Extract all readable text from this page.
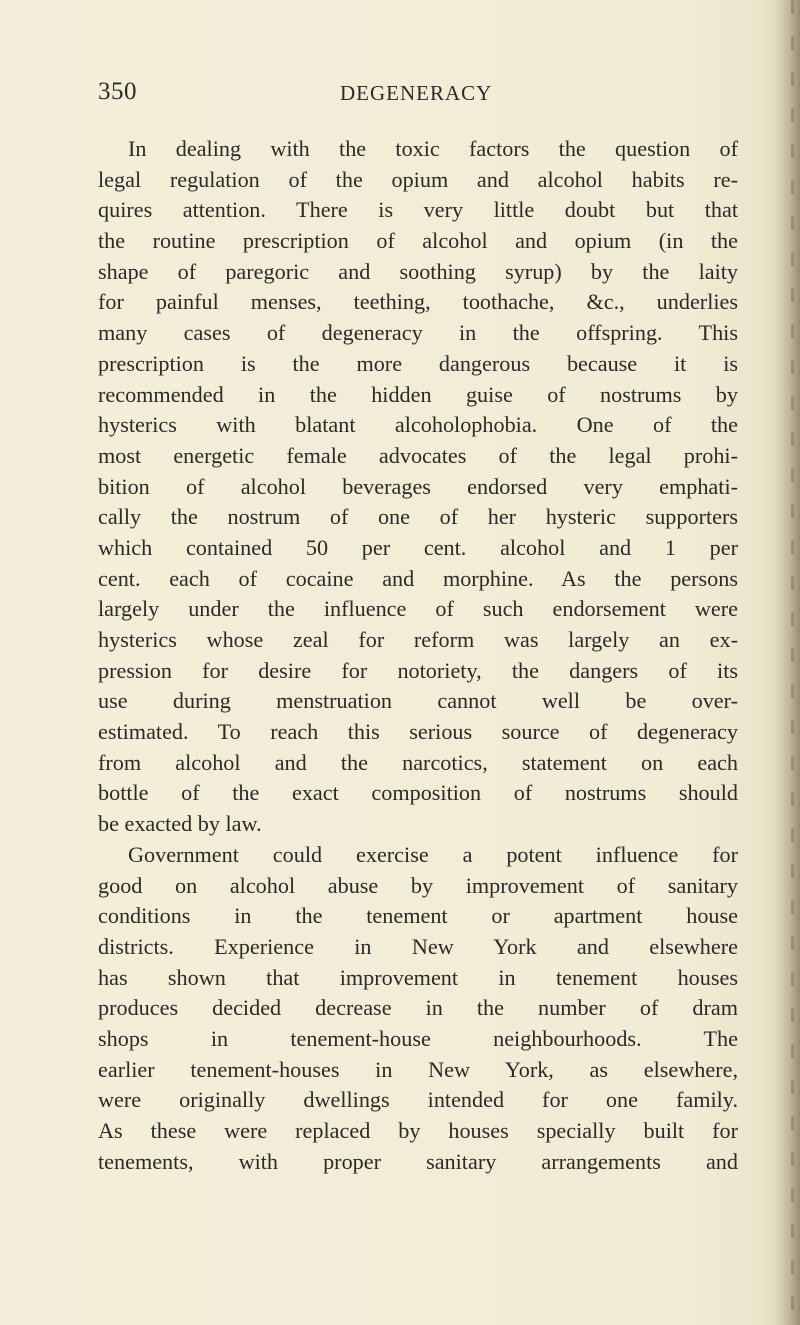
350	DEGENERACY
In dealing with the toxic factors the question of
legal regulation of the opium and alcohol habits re-
quires attention. There is very little doubt but that
the routine prescription of alcohol and opium (in the
shape of paregoric and soothing syrup) by the laity
for painful menses, teething, toothache, &c., underlies
many cases of degeneracy in the offspring. This
prescription is the more dangerous because it is
recommended in the hidden guise of nostrums by
hysterics with blatant alcoholophobia. One of the
most energetic female advocates of the legal prohi-
bition of alcohol beverages endorsed very emphati-
cally the nostrum of one of her hysteric supporters
which contained 50 per cent. alcohol and 1 per
cent. each of cocaine and morphine. As the persons
largely under the influence of such endorsement were
hysterics whose zeal for reform was largely an ex-
pression for desire for notoriety, the dangers of its
use during menstruation cannot well be over-
estimated. To reach this serious source of degeneracy
from alcohol and the narcotics, statement on each
bottle of the exact composition of nostrums should
be exacted by law.
Government could exercise a potent influence for
good on alcohol abuse by improvement of sanitary
conditions in the tenement or apartment house
districts. Experience in New York and elsewhere
has shown that improvement in tenement houses
produces decided decrease in the number of dram
shops in tenement-house neighbourhoods. The
earlier tenement-houses in New York, as elsewhere,
were originally dwellings intended for one family.
As these were replaced by houses specially built for
tenements, with proper sanitary arrangements and
